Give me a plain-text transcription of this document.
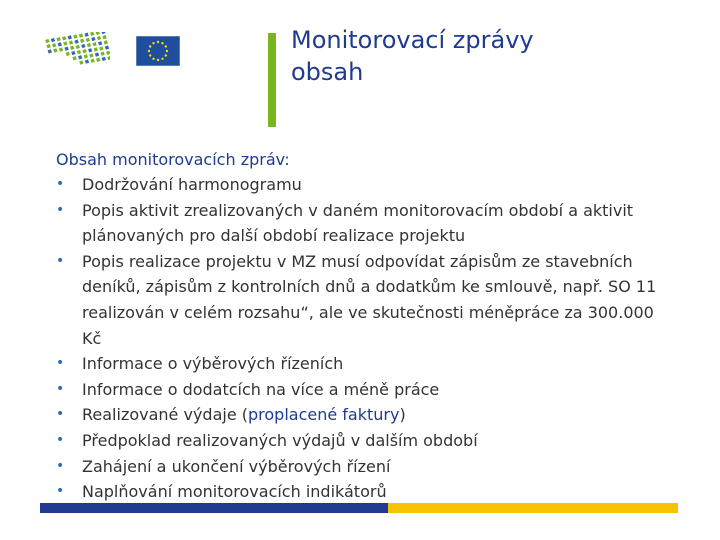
Monitorovací zprávy
obsah
Obsah monitorovacích zpráv:
•	Dodržování harmonogramu
•	Popis aktivit zrealizovaných v daném monitorovacím období a aktivit plánovaných pro další období realizace projektu
•	Popis realizace projektu v MZ musí odpovídat zápisům ze stavebních deníků, zápisům z kontrolních dnů a dodatkům ke smlouvě, např. SO 11 realizován v celém rozsahu“, ale ve skutečnosti méněpráce za 300.000 Kč
•	Informace o výběrových řízeních
•	Informace o dodatcích na více a méně práce
•	Realizované výdaje (proplacené faktury)
•	Předpoklad realizovaných výdajů v dalším období
•	Zahájení a ukončení výběrových řízení
•	Naplňování monitorovacích indikátorů
